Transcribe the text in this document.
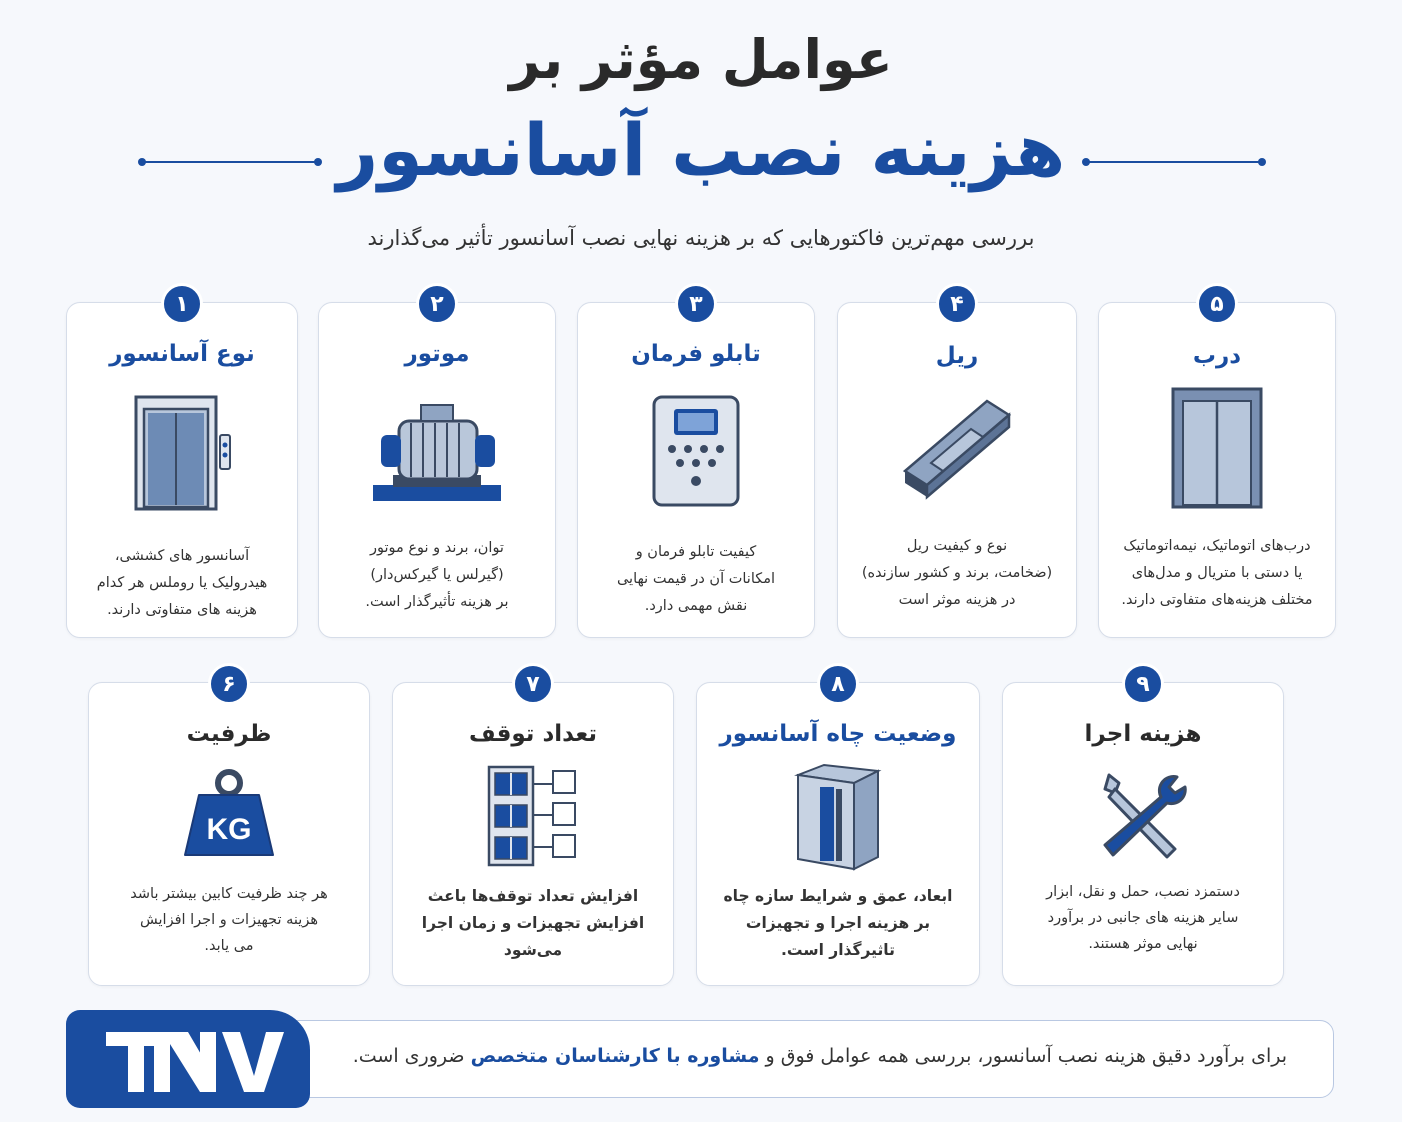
عوامل مؤثر بر
هزینه نصب آسانسور
بررسی مهم‌ترین فاکتورهایی که بر هزینه نهایی نصب آسانسور تأثیر می‌گذارند
۱
نوع آسانسور
آسانسور های کششی،
هیدرولیک یا روملس هر کدام
هزینه های متفاوتی دارند.
۲
موتور
توان، برند و نوع موتور
(گیرلس یا گیرکس‌دار)
بر هزینه تأثیرگذار است.
۳
تابلو فرمان
کیفیت تابلو فرمان و
امکانات آن در قیمت نهایی
نقش مهمی دارد.
۴
ریل
نوع و کیفیت ریل
(ضخامت، برند و کشور سازنده)
در هزینه موثر است
۵
درب
درب‌های اتوماتیک، نیمه‌اتوماتیک
یا دستی با متریال و مدل‌های
مختلف هزینه‌های متفاوتی دارند.
۶
ظرفیت
KG
هر چند ظرفیت کابین بیشتر باشد
هزینه تجهیزات و اجرا افزایش
می یابد.
۷
تعداد توقف
افزایش تعداد توقف‌ها باعث
افزایش تجهیزات و زمان اجرا
می‌شود
۸
وضعیت چاه آسانسور
ابعاد، عمق و شرایط سازه چاه
بر هزینه اجرا و تجهیزات
تاثیرگذار است.
۹
هزینه اجرا
دستمزد نصب، حمل و نقل، ابزار
سایر هزینه های جانبی در برآورد
نهایی موثر هستند.
برای برآورد دقیق هزینه نصب آسانسور، بررسی همه عوامل فوق و مشاوره با کارشناسان متخصص ضروری است.
